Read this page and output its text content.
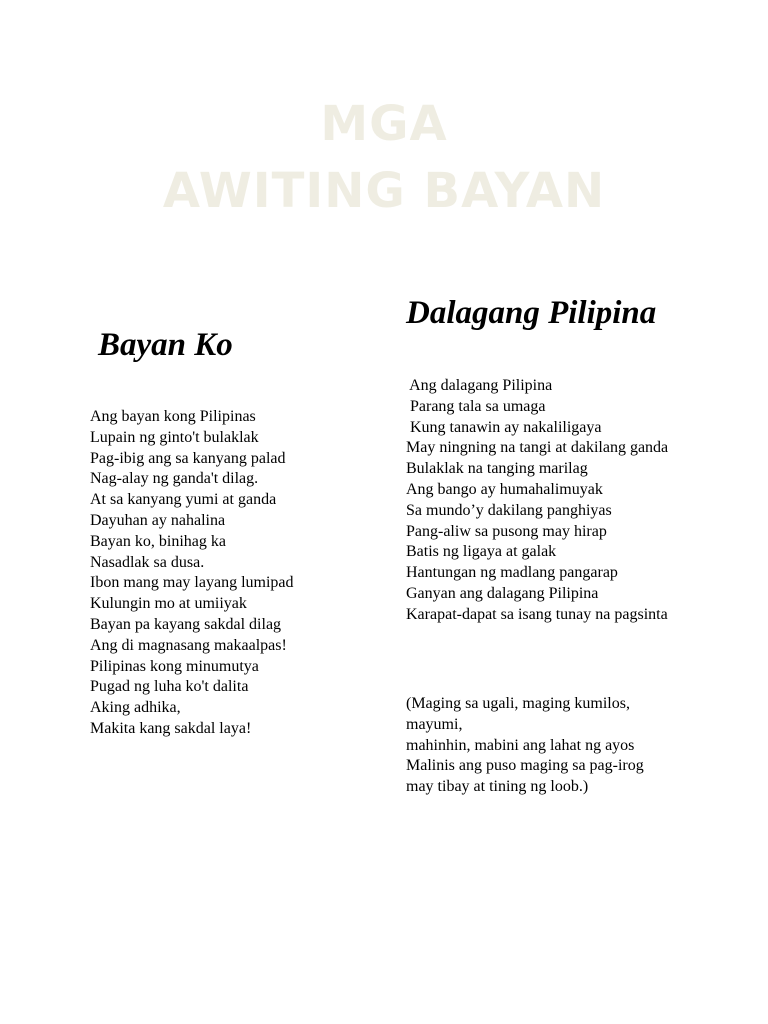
MGA
AWITING BAYAN
Bayan Ko
Dalagang Pilipina
Ang bayan kong Pilipinas
Lupain ng ginto't bulaklak
Pag-ibig ang sa kanyang palad
Nag-alay ng ganda't dilag.
At sa kanyang yumi at ganda
Dayuhan ay nahalina
Bayan ko, binihag ka
Nasadlak sa dusa.
Ibon mang may layang lumipad
Kulungin mo at umiiyak
Bayan pa kayang sakdal dilag
Ang di magnasang makaalpas!
Pilipinas kong minumutya
Pugad ng luha ko't dalita
Aking adhika,
Makita kang sakdal laya!
Ang dalagang Pilipina
Parang tala sa umaga
Kung tanawin ay nakaliligaya
May ningning na tangi at dakilang ganda
Bulaklak na tanging marilag
Ang bango ay humahalimuyak
Sa mundo’y dakilang panghiyas
Pang-aliw sa pusong may hirap
Batis ng ligaya at galak
Hantungan ng madlang pangarap
Ganyan ang dalagang Pilipina
Karapat-dapat sa isang tunay na pagsinta
(Maging sa ugali, maging kumilos, mayumi,
mahinhin, mabini ang lahat ng ayos
Malinis ang puso maging sa pag-irog
may tibay at tining ng loob.)
